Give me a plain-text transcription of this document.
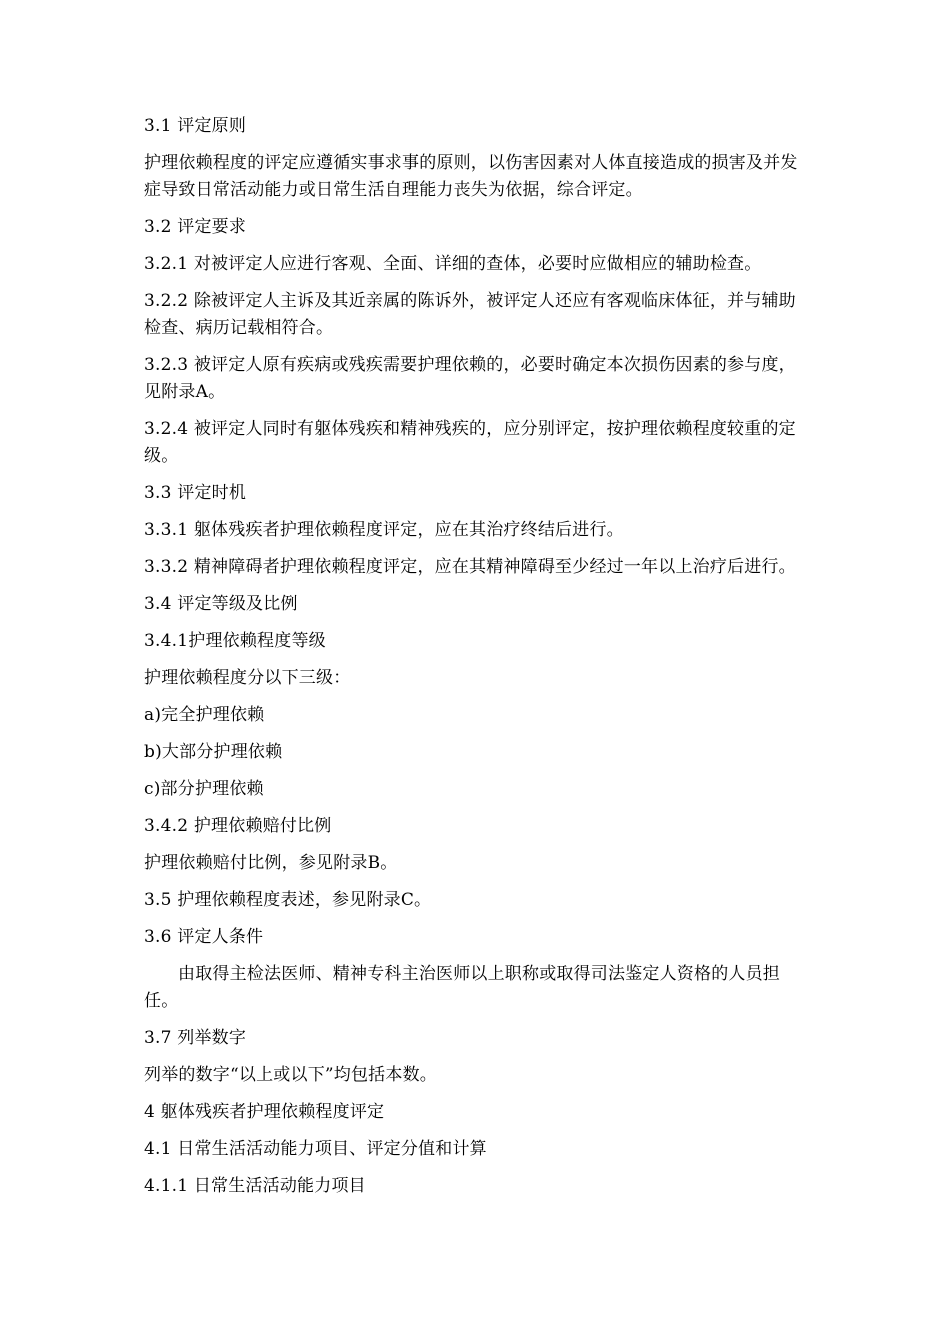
3.1 评定原则

护理依赖程度的评定应遵循实事求事的原则，以伤害因素对人体直接造成的损害及并发症导致日常活动能力或日常生活自理能力丧失为依据，综合评定。

3.2 评定要求

3.2.1 对被评定人应进行客观、全面、详细的查体，必要时应做相应的辅助检查。

3.2.2 除被评定人主诉及其近亲属的陈诉外，被评定人还应有客观临床体征，并与辅助检查、病历记载相符合。

3.2.3 被评定人原有疾病或残疾需要护理依赖的，必要时确定本次损伤因素的参与度，见附录A。

3.2.4 被评定人同时有躯体残疾和精神残疾的，应分别评定，按护理依赖程度较重的定级。

3.3 评定时机

3.3.1 躯体残疾者护理依赖程度评定，应在其治疗终结后进行。

3.3.2 精神障碍者护理依赖程度评定，应在其精神障碍至少经过一年以上治疗后进行。

3.4 评定等级及比例

3.4.1护理依赖程度等级

护理依赖程度分以下三级：

a)完全护理依赖

b)大部分护理依赖

c)部分护理依赖

3.4.2 护理依赖赔付比例

护理依赖赔付比例，参见附录B。

3.5 护理依赖程度表述，参见附录C。

3.6 评定人条件

由取得主检法医师、精神专科主治医师以上职称或取得司法鉴定人资格的人员担任。

3.7 列举数字

列举的数字“以上或以下”均包括本数。

4 躯体残疾者护理依赖程度评定

4.1 日常生活活动能力项目、评定分值和计算

4.1.1 日常生活活动能力项目
